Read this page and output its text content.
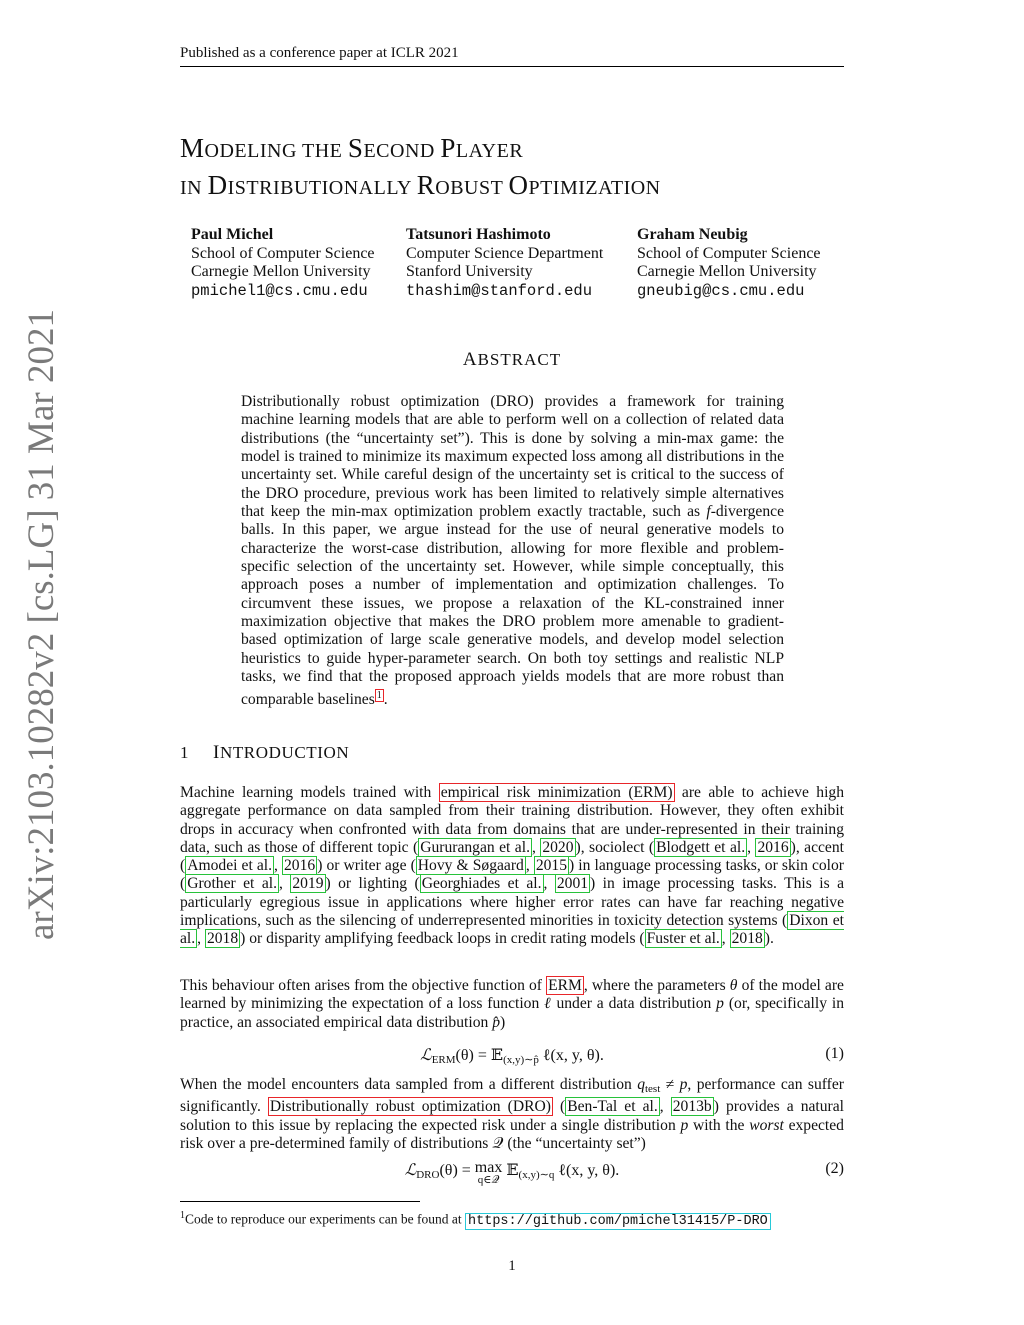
Published as a conference paper at ICLR 2021
MODELING THE SECOND PLAYER
IN DISTRIBUTIONALLY ROBUST OPTIMIZATION
Paul Michel
School of Computer Science
Carnegie Mellon University
pmichel1@cs.cmu.edu
Tatsunori Hashimoto
Computer Science Department
Stanford University
thashim@stanford.edu
Graham Neubig
School of Computer Science
Carnegie Mellon University
gneubig@cs.cmu.edu
ABSTRACT
Distributionally robust optimization (DRO) provides a framework for training machine learning models that are able to perform well on a collection of related data distributions (the “uncertainty set”). This is done by solving a min-max game: the model is trained to minimize its maximum expected loss among all distributions in the uncertainty set. While careful design of the uncertainty set is critical to the success of the DRO procedure, previous work has been limited to relatively simple alternatives that keep the min-max optimization problem exactly tractable, such as f-divergence balls. In this paper, we argue instead for the use of neural generative models to characterize the worst-case distribution, allowing for more flexible and problem-specific selection of the uncertainty set. However, while simple conceptually, this approach poses a number of implementation and optimization challenges. To circumvent these issues, we propose a relaxation of the KL-constrained inner maximization objective that makes the DRO problem more amenable to gradient-based optimization of large scale generative models, and develop model selection heuristics to guide hyper-parameter search. On both toy settings and realistic NLP tasks, we find that the proposed approach yields models that are more robust than comparable baselines $^1$ .
1 INTRODUCTION
Machine learning models trained with empirical risk minimization (ERM) are able to achieve high aggregate performance on data sampled from their training distribution. However, they often exhibit drops in accuracy when confronted with data from domains that are under-represented in their training data, such as those of different topic ( Gururangan et al. , 2020 ), sociolect ( Blodgett et al. , 2016 ), accent ( Amodei et al. , 2016 ) or writer age ( Hovy & Søgaard , 2015 ) in language processing tasks, or skin color ( Grother et al. , 2019 ) or lighting ( Georghiades et al. , 2001 ) in image processing tasks. This is a particularly egregious issue in applications where higher error rates can have far reaching negative implications, such as the silencing of underrepresented minorities in toxicity detection systems ( Dixon et al. , 2018 ) or disparity amplifying feedback loops in credit rating models ( Fuster et al. , 2018 ).
This behaviour often arises from the objective function of ERM , where the parameters θ of the model are learned by minimizing the expectation of a loss function ℓ under a data distribution p (or, specifically in practice, an associated empirical data distribution p̂)
ℒ$_{ERM}$(θ) = 𝔼$_{(x,y)\sim p̂}$ ℓ(x, y, θ).	(1)
When the model encounters data sampled from a different distribution $q_{test} \ne p$, performance can suffer significantly. Distributionally robust optimization (DRO) ( Ben-Tal et al. , 2013b ) provides a natural solution to this issue by replacing the expected risk under a single distribution p with the worst expected risk over a pre-determined family of distributions 𝒬 (the “uncertainty set”)
ℒ$_{DRO}$(θ) = max
q∈𝒬
𝔼$_{(x,y)\sim q}$ ℓ(x, y, θ).	(2)
$^1$Code to reproduce our experiments can be found at https://github.com/pmichel31415/P-DRO
1
arXiv:2103.10282v2 [cs.LG] 31 Mar 2021
